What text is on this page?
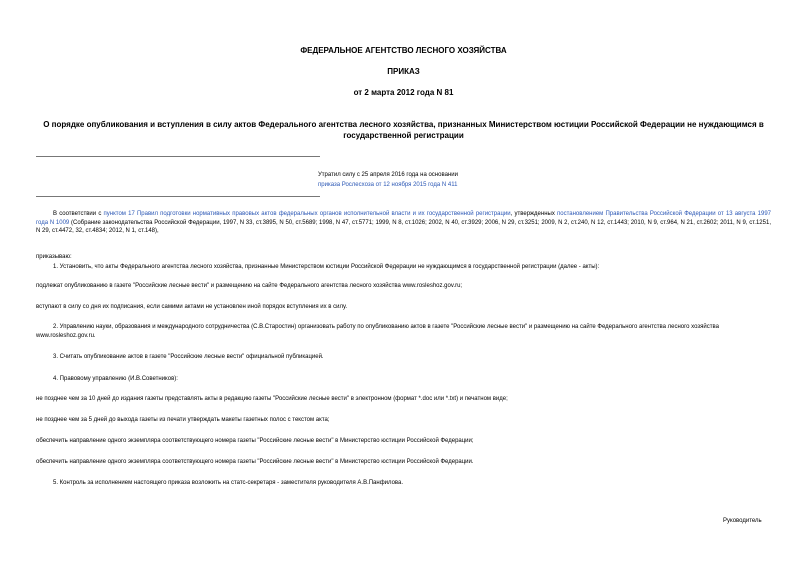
ФЕДЕРАЛЬНОЕ АГЕНТСТВО ЛЕСНОГО ХОЗЯЙСТВА
ПРИКАЗ
от 2 марта 2012 года N 81
О порядке опубликования и вступления в силу актов Федерального агентства лесного хозяйства, признанных Министерством юстиции Российской Федерации не нуждающимся в государственной регистрации
Утратил силу с 25 апреля 2016 года на основании
приказа Рослесхоза от 12 ноября 2015 года N 411
В соответствии с пунктом 17 Правил подготовки нормативных правовых актов федеральных органов исполнительной власти и их государственной регистрации, утвержденных постановлением Правительства Российской Федерации от 13 августа 1997 года N 1009 (Собрание законодательства Российской Федерации, 1997, N 33, ст.3895, N 50, ст.5689; 1998, N 47, ст.5771; 1999, N 8, ст.1026; 2002, N 40, ст.3929; 2006, N 29, ст.3251; 2009, N 2, ст.240, N 12, ст.1443; 2010, N 9, ст.964, N 21, ст.2602; 2011, N 9, ст.1251, N 29, ст.4472, 32, ст.4834; 2012, N 1, ст.148),
приказываю:
1. Установить, что акты Федерального агентства лесного хозяйства, признанные Министерством юстиции Российской Федерации не нуждающимся в государственной регистрации (далее - акты):
подлежат опубликованию в газете "Российские лесные вести" и размещению на сайте Федерального агентства лесного хозяйства www.rosleshoz.gov.ru;
вступают в силу со дня их подписания, если самими актами не установлен иной порядок вступления их в силу.
2. Управлению науки, образования и международного сотрудничества (С.В.Старостин) организовать работу по опубликованию актов в газете "Российские лесные вести" и размещению на сайте Федерального агентства лесного хозяйства www.rosleshoz.gov.ru.
3. Считать опубликование актов в газете "Российские лесные вести" официальной публикацией.
4. Правовому управлению (И.В.Советников):
не позднее чем за 10 дней до издания газеты представлять акты в редакцию газеты "Российские лесные вести" в электронном (формат *.doc или *.txt) и печатном виде;
не позднее чем за 5 дней до выхода газеты из печати утверждать макеты газетных полос с текстом акта;
обеспечить направление одного экземпляра соответствующего номера газеты "Российские лесные вести" в Министерство юстиции Российской Федерации;
обеспечить направление одного экземпляра соответствующего номера газеты "Российские лесные вести" в Министерство юстиции Российской Федерации.
5. Контроль за исполнением настоящего приказа возложить на статс-секретаря - заместителя руководителя А.В.Панфилова.
Руководитель
